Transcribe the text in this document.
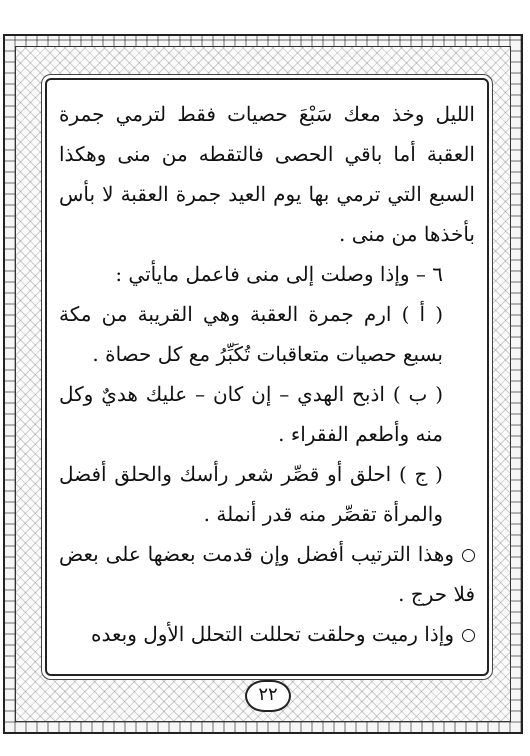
الليل وخذ معك سَبْعَ حصيات فقط لترمي جمرة العقبة أما باقي الحصى فالتقطه من منى وهكذا السبع التي ترمي بها يوم العيد جمرة العقبة لا بأس بأخذها من منى .

٦ – وإذا وصلت إلى منى فاعمل مايأتي :

( أ ) ارم جمرة العقبة وهي القريبة من مكة بسبع حصيات متعاقبات تُكَبِّرُ مع كل حصاة .

( ب ) اذبح الهدي – إن كان – عليك هديٌ وكل منه وأطعم الفقراء .

( ج ) احلق أو قصِّر شعر رأسك والحلق أفضل والمرأة تقصِّر منه قدر أنملة .

وهذا الترتيب أفضل وإن قدمت بعضها على بعض فلا حرج .

وإذا رميت وحلقت تحللت التحلل الأول وبعده

٢٢
